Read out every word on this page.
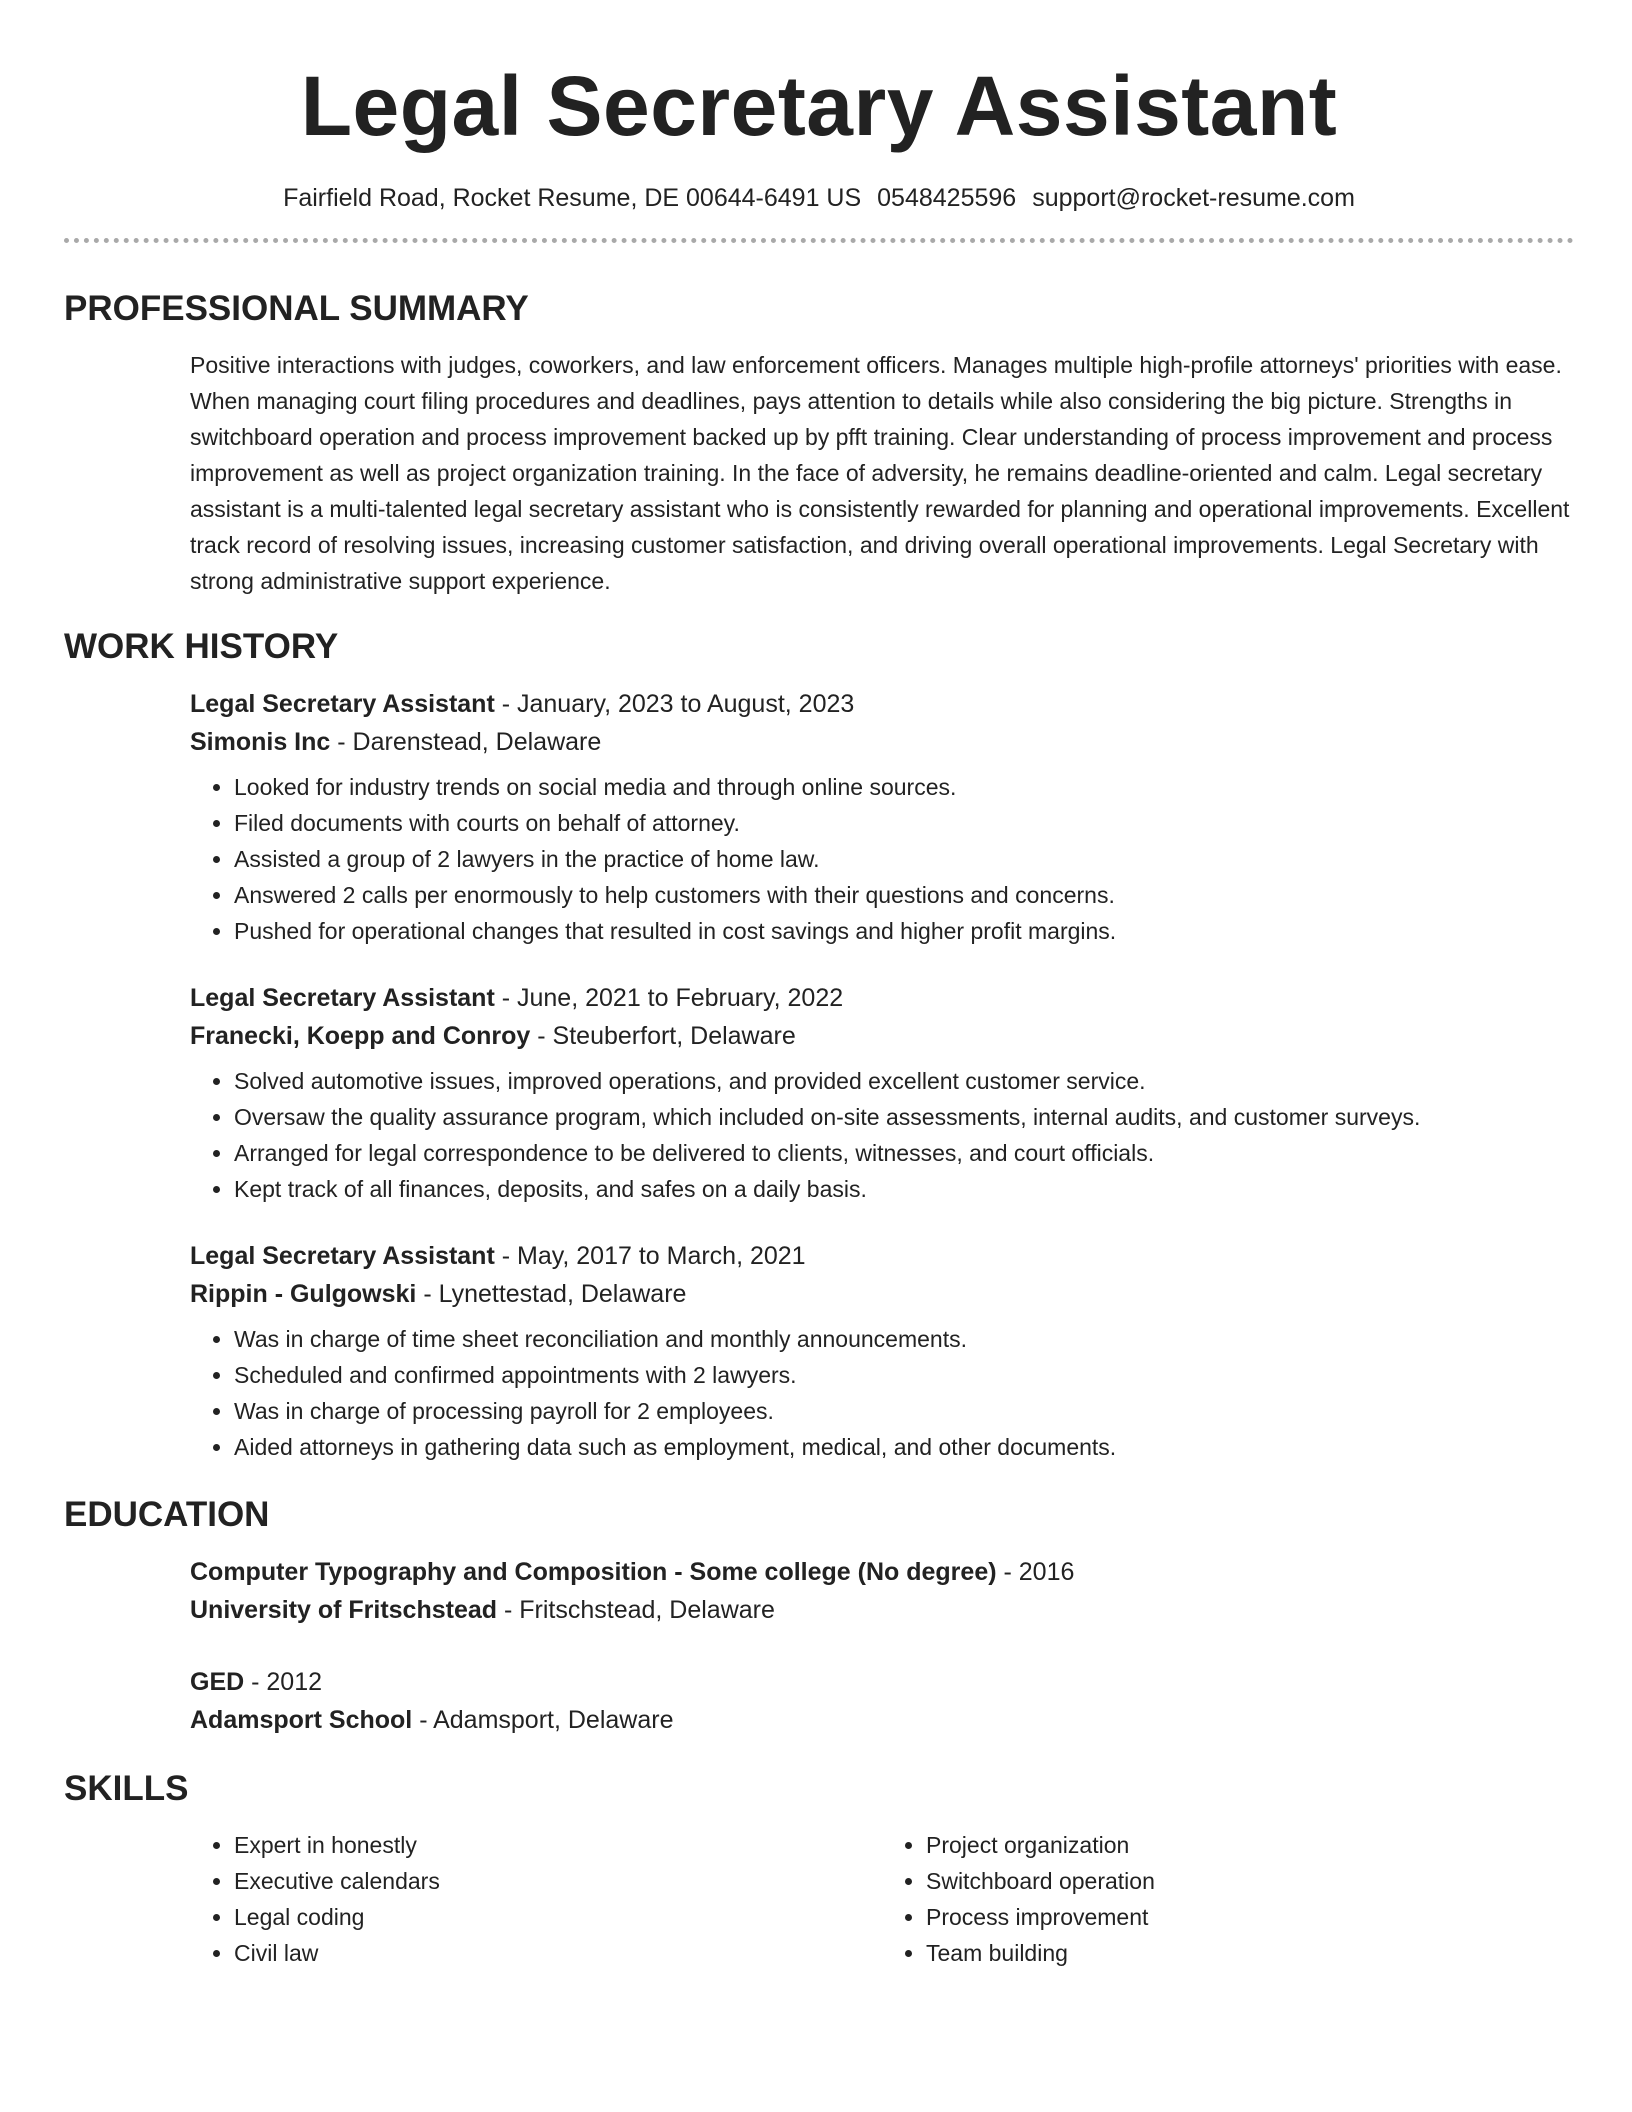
Legal Secretary Assistant
Fairfield Road, Rocket Resume, DE 00644-6491 US 0548425596 support@rocket-resume.com
PROFESSIONAL SUMMARY

Positive interactions with judges, coworkers, and law enforcement officers. Manages multiple high-profile attorneys' priorities with ease. When managing court filing procedures and deadlines, pays attention to details while also considering the big picture. Strengths in switchboard operation and process improvement backed up by pfft training. Clear understanding of process improvement and process improvement as well as project organization training. In the face of adversity, he remains deadline-oriented and calm. Legal secretary assistant is a multi-talented legal secretary assistant who is consistently rewarded for planning and operational improvements. Excellent track record of resolving issues, increasing customer satisfaction, and driving overall operational improvements. Legal Secretary with strong administrative support experience.

WORK HISTORY
Legal Secretary Assistant - January, 2023 to August, 2023
Simonis Inc - Darenstead, Delaware
• Looked for industry trends on social media and through online sources.
• Filed documents with courts on behalf of attorney.
• Assisted a group of 2 lawyers in the practice of home law.
• Answered 2 calls per enormously to help customers with their questions and concerns.
• Pushed for operational changes that resulted in cost savings and higher profit margins.
Legal Secretary Assistant - June, 2021 to February, 2022
Franecki, Koepp and Conroy - Steuberfort, Delaware
• Solved automotive issues, improved operations, and provided excellent customer service.
• Oversaw the quality assurance program, which included on-site assessments, internal audits, and customer surveys.
• Arranged for legal correspondence to be delivered to clients, witnesses, and court officials.
• Kept track of all finances, deposits, and safes on a daily basis.
Legal Secretary Assistant - May, 2017 to March, 2021
Rippin - Gulgowski - Lynettestad, Delaware
• Was in charge of time sheet reconciliation and monthly announcements.
• Scheduled and confirmed appointments with 2 lawyers.
• Was in charge of processing payroll for 2 employees.
• Aided attorneys in gathering data such as employment, medical, and other documents.
EDUCATION
Computer Typography and Composition - Some college (No degree) - 2016
University of Fritschstead - Fritschstead, Delaware
GED - 2012
Adamsport School - Adamsport, Delaware
SKILLS
• Expert in honestly
• Executive calendars
• Legal coding
• Civil law
• Project organization
• Switchboard operation
• Process improvement
• Team building
